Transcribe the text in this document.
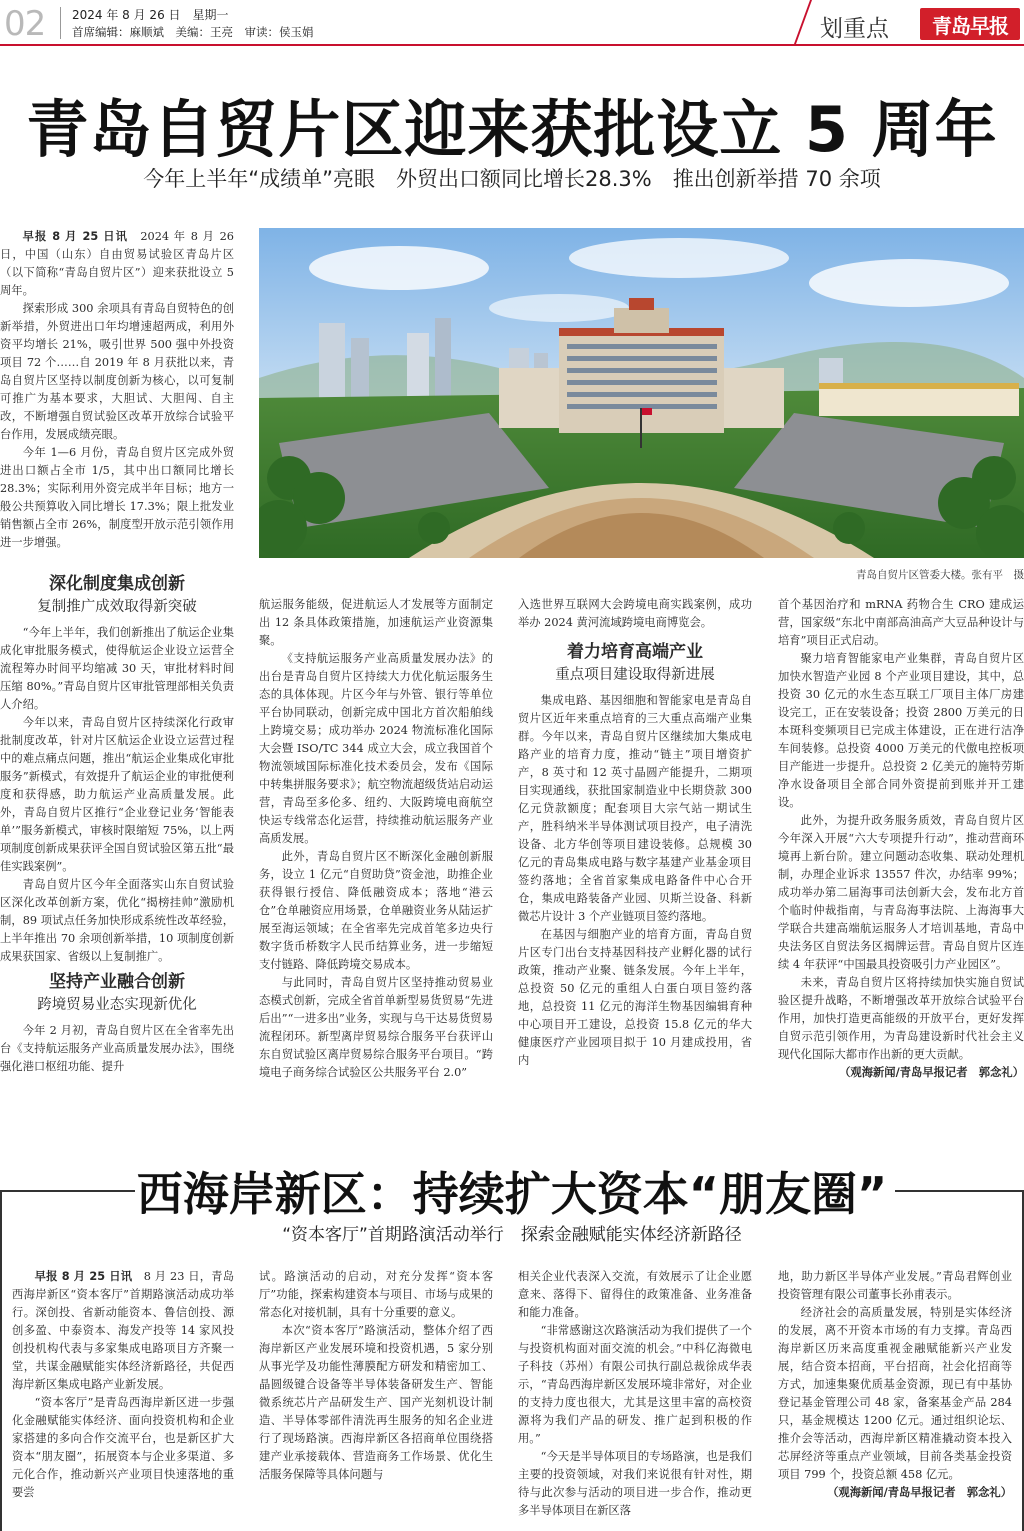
02 2024 年 8 月 26 日　星期一
首席编辑：麻顺斌　美编：王亮　审读：侯玉娟	划重点	青岛早报
青岛自贸片区迎来获批设立 5 周年
今年上半年“成绩单”亮眼　外贸出口额同比增长28.3%　推出创新举措 70 余项

早报 8 月 25 日讯　 2024 年 8 月 26 日，中国（山东）自由贸易试验区青岛片区（以下简称“青岛自贸片区”）迎来获批设立 5 周年。

探索形成 300 余项具有青岛自贸特色的创新举措，外贸进出口年均增速超两成，利用外资平均增长 21%，吸引世界 500 强中外投资项目 72 个……自 2019 年 8 月获批以来，青岛自贸片区坚持以制度创新为核心，以可复制可推广为基本要求，大胆试、大胆闯、自主改，不断增强自贸试验区改革开放综合试验平台作用，发展成绩亮眼。

今年 1—6 月份，青岛自贸片区完成外贸进出口额占全市 1/5，其中出口额同比增长 28.3%；实际利用外资完成半年目标；地方一般公共预算收入同比增长 17.3%；限上批发业销售额占全市 26%，制度型开放示范引领作用进一步增强。

青岛自贸片区管委大楼。张有平　摄

深化制度集成创新
复制推广成效取得新突破

“今年上半年，我们创新推出了航运企业集成化审批服务模式，使得航运企业设立运营全流程筹办时间平均缩减 30 天，审批材料时间压缩 80%。”青岛自贸片区审批管理部相关负责人介绍。

今年以来，青岛自贸片区持续深化行政审批制度改革，针对片区航运企业设立运营过程中的难点痛点问题，推出“航运企业集成化审批服务”新模式，有效提升了航运企业的审批便利度和获得感，助力航运产业高质量发展。此外，青岛自贸片区推行“企业登记业务‘智能表单’”服务新模式，审核时限缩短 75%，以上两项制度创新成果获评全国自贸试验区第五批“最佳实践案例”。

青岛自贸片区今年全面落实山东自贸试验区深化改革创新方案，优化“揭榜挂帅”激励机制，89 项试点任务加快形成系统性改革经验，上半年推出 70 余项创新举措，10 项制度创新成果获国家、省级以上复制推广。

坚持产业融合创新
跨境贸易业态实现新优化

今年 2 月初，青岛自贸片区在全省率先出台《支持航运服务产业高质量发展办法》，围绕强化港口枢纽功能、提升

航运服务能级，促进航运人才发展等方面制定出 12 条具体政策措施，加速航运产业资源集聚。

《支持航运服务产业高质量发展办法》的出台是青岛自贸片区持续大力优化航运服务生态的具体体现。片区今年与外管、银行等单位平台协同联动，创新完成中国北方首次船舶线上跨境交易；成功举办 2024 物流标准化国际大会暨 ISO/TC 344 成立大会，成立我国首个物流领域国际标准化技术委员会，发布《国际中转集拼服务要求》；航空物流超级货站启动运营，青岛至多伦多、纽约、大阪跨境电商航空快运专线常态化运营，持续推动航运服务产业高质发展。

此外，青岛自贸片区不断深化金融创新服务，设立 1 亿元“自贸助贷”资金池，助推企业获得银行授信、降低融资成本；落地“港云仓”仓单融资应用场景，仓单融资业务从陆运扩展至海运领域；在全省率先完成首笔多边央行数字货币桥数字人民币结算业务，进一步缩短支付链路、降低跨境交易成本。

与此同时，青岛自贸片区坚持推动贸易业态模式创新，完成全省首单新型易货贸易“先进后出”“一进多出”业务，实现与乌干达易货贸易流程闭环。新型离岸贸易综合服务平台获评山东自贸试验区离岸贸易综合服务平台项目。“跨境电子商务综合试验区公共服务平台 2.0”

入选世界互联网大会跨境电商实践案例，成功举办 2024 黄河流域跨境电商博览会。

着力培育高端产业
重点项目建设取得新进展

集成电路、基因细胞和智能家电是青岛自贸片区近年来重点培育的三大重点高端产业集群。今年以来，青岛自贸片区继续加大集成电路产业的培育力度，推动“链主”项目增资扩产，8 英寸和 12 英寸晶圆产能提升，二期项目实现通线，获批国家制造业中长期贷款 300 亿元贷款额度；配套项目大宗气站一期试生产，胜科纳米半导体测试项目投产，电子清洗设备、北方华创等项目建设装修。总规模 30 亿元的青岛集成电路与数字基建产业基金项目签约落地；全省首家集成电路备件中心合开仓，集成电路装备产业园、贝斯兰设备、科新微芯片设计 3 个产业链项目签约落地。

在基因与细胞产业的培育方面，青岛自贸片区专门出台支持基因科技产业孵化器的试行政策，推动产业聚、链条发展。今年上半年，总投资 50 亿元的重组人白蛋白项目签约落地，总投资 11 亿元的海洋生物基因编辑育种中心项目开工建设，总投资 15.8 亿元的华大健康医疗产业园项目拟于 10 月建成投用，省内

首个基因治疗和 mRNA 药物合生 CRO 建成运营，国家级“东北中南部高油高产大豆品种设计与培育”项目正式启动。

聚力培育智能家电产业集群，青岛自贸片区加快水智造产业园 8 个产业项目建设，其中，总投资 30 亿元的水生态互联工厂项目主体厂房建设完工，正在安装设备；投资 2800 万美元的日本斑科变频项目已完成主体建设，正在进行洁净车间装修。总投资 4000 万美元的代傲电控板项目产能进一步提升。总投资 2 亿美元的施特劳斯净水设备项目全部合同外资提前到账并开工建设。

此外，为提升政务服务质效，青岛自贸片区今年深入开展“六大专项提升行动”，推动营商环境再上新台阶。建立问题动态收集、联动处理机制，办理企业诉求 13557 件次，办结率 99%；成功举办第二届海事司法创新大会，发布北方首个临时仲裁指南，与青岛海事法院、上海海事大学联合共建高端航运服务人才培训基地，青岛中央法务区自贸法务区揭牌运营。青岛自贸片区连续 4 年获评“中国最具投资吸引力产业园区”。

未来，青岛自贸片区将持续加快实施自贸试验区提升战略，不断增强改革开放综合试验平台作用，加快打造更高能级的开放平台，更好发挥自贸示范引领作用，为青岛建设新时代社会主义现代化国际大都市作出新的更大贡献。

（观海新闻/青岛早报记者　郭念礼）

西海岸新区：持续扩大资本“朋友圈”
“资本客厅”首期路演活动举行　探索金融赋能实体经济新路径

早报 8 月 25 日讯　 8 月 23 日，青岛西海岸新区“资本客厅”首期路演活动成功举行。深创投、省新动能资本、鲁信创投、源创多盈、中泰资本、海发产投等 14 家风投创投机构代表与多家集成电路项目方齐聚一堂，共谋金融赋能实体经济新路径，共促西海岸新区集成电路产业新发展。

“资本客厅”是青岛西海岸新区进一步强化金融赋能实体经济、面向投资机构和企业家搭建的多向合作交流平台，也是新区扩大资本“朋友圈”，拓展资本与企业多渠道、多元化合作，推动新兴产业项目快速落地的重要尝

试。路演活动的启动，对充分发挥“资本客厅”功能，探索构建资本与项目、市场与成果的常态化对接机制，具有十分重要的意义。

本次“资本客厅”路演活动，整体介绍了西海岸新区产业发展环境和投资机遇，5 家分别从事光学及功能性薄膜配方研发和精密加工、晶圆级键合设备等半导体装备研发生产、智能微系统芯片产品研发生产、国产光刻机设计制造、半导体零部件清洗再生服务的知名企业进行了现场路演。西海岸新区各招商单位围绕搭建产业承接载体、营造商务工作场景、优化生活服务保障等具体问题与

相关企业代表深入交流，有效展示了让企业愿意来、落得下、留得住的政策准备、业务准备和能力准备。

“非常感谢这次路演活动为我们提供了一个与投资机构面对面交流的机会。”中科亿海微电子科技（苏州）有限公司执行副总裁徐成华表示，“青岛西海岸新区发展环境非常好，对企业的支持力度也很大，尤其是这里丰富的高校资源将为我们产品的研发、推广起到积极的作用。”

“今天是半导体项目的专场路演，也是我们主要的投资领域，对我们来说很有针对性，期待与此次参与活动的项目进一步合作，推动更多半导体项目在新区落

地，助力新区半导体产业发展。”青岛君辉创业投资管理有限公司董事长孙甫表示。

经济社会的高质量发展，特别是实体经济的发展，离不开资本市场的有力支撑。青岛西海岸新区历来高度重视金融赋能新兴产业发展，结合资本招商，平台招商，社会化招商等方式，加速集聚优质基金资源，现已有中基协登记基金管理公司 48 家，备案基金产品 284 只，基金规模达 1200 亿元。通过组织论坛、推介会等活动，西海岸新区精准撬动资本投入芯屏经济等重点产业领域，目前各类基金投资项目 799 个，投资总额 458 亿元。

（观海新闻/青岛早报记者　郭念礼）
